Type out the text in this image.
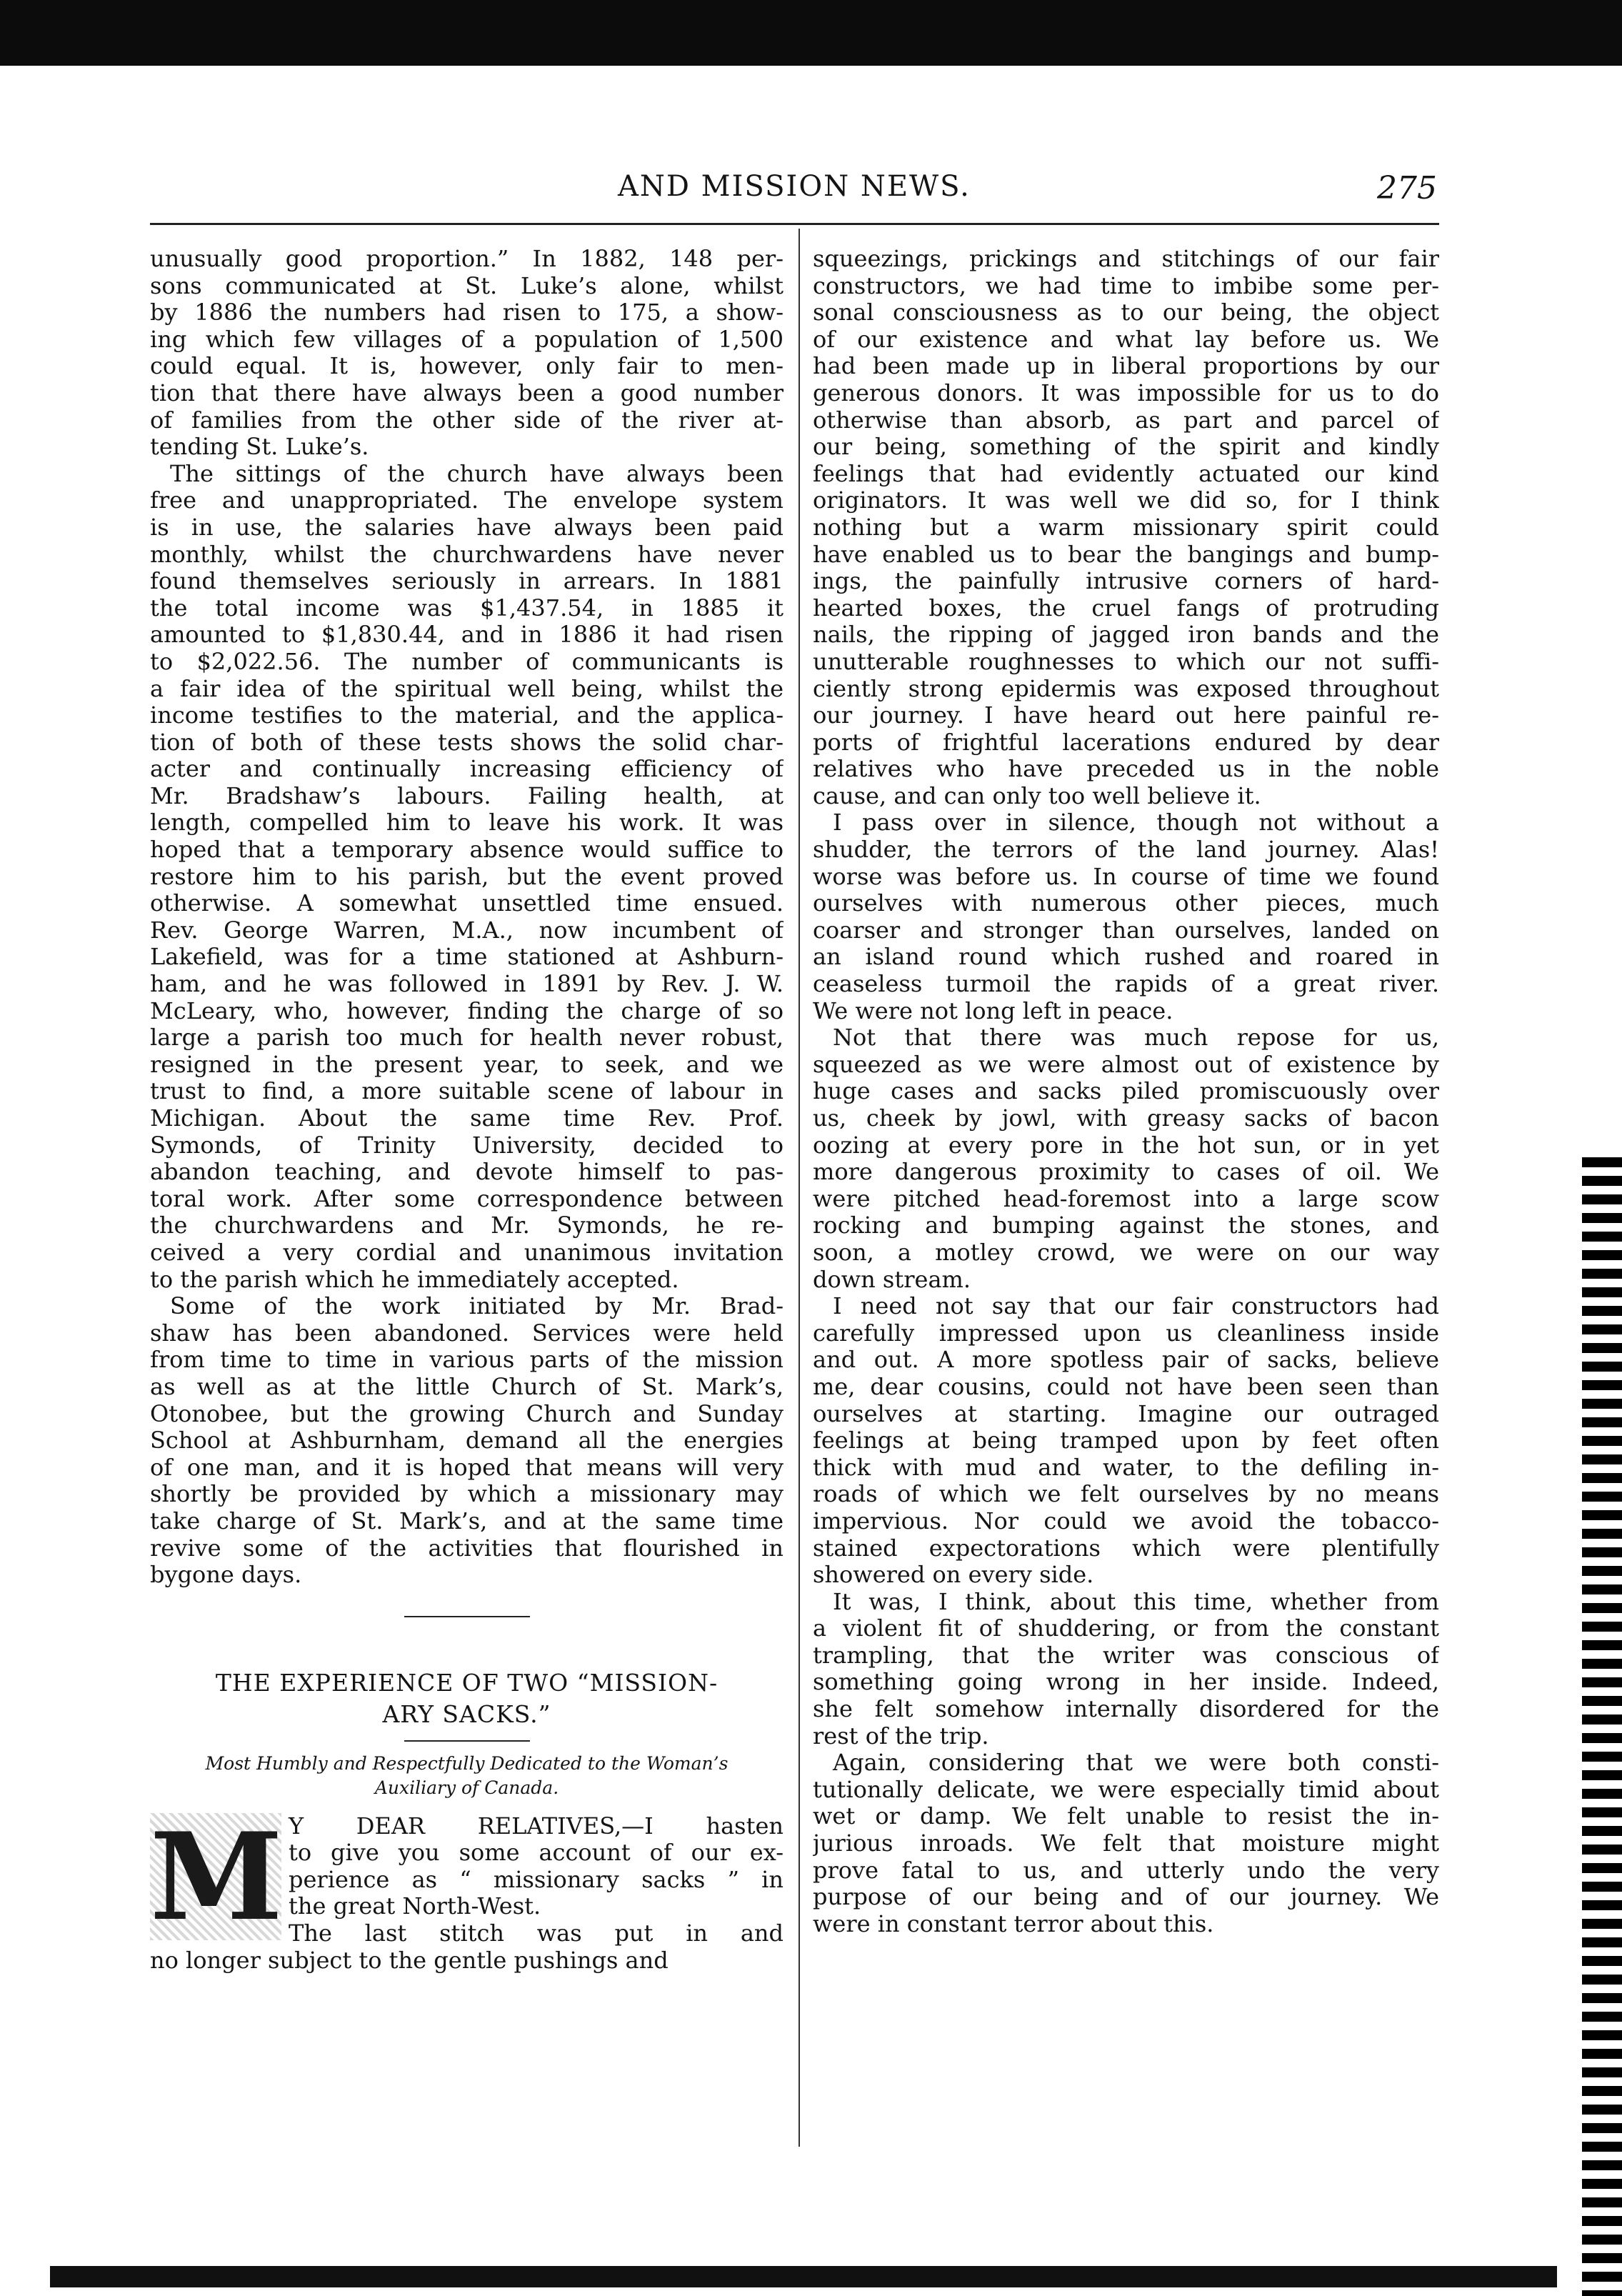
AND MISSION NEWS.	275
unusually good proportion.” In 1882, 148 per-
sons communicated at St. Luke’s alone, whilst
by 1886 the numbers had risen to 175, a show-
ing which few villages of a population of 1,500
could equal. It is, however, only fair to men-
tion that there have always been a good number
of families from the other side of the river at-
tending St. Luke’s.
The sittings of the church have always been
free and unappropriated. The envelope system
is in use, the salaries have always been paid
monthly, whilst the churchwardens have never
found themselves seriously in arrears. In 1881
the total income was $1,437.54, in 1885 it
amounted to $1,830.44, and in 1886 it had risen
to $2,022.56. The number of communicants is
a fair idea of the spiritual well being, whilst the
income testifies to the material, and the applica-
tion of both of these tests shows the solid char-
acter and continually increasing efficiency of
Mr. Bradshaw’s labours. Failing health, at
length, compelled him to leave his work. It was
hoped that a temporary absence would suffice to
restore him to his parish, but the event proved
otherwise. A somewhat unsettled time ensued.
Rev. George Warren, M.A., now incumbent of
Lakefield, was for a time stationed at Ashburn-
ham, and he was followed in 1891 by Rev. J. W.
McLeary, who, however, finding the charge of so
large a parish too much for health never robust,
resigned in the present year, to seek, and we
trust to find, a more suitable scene of labour in
Michigan. About the same time Rev. Prof.
Symonds, of Trinity University, decided to
abandon teaching, and devote himself to pas-
toral work. After some correspondence between
the churchwardens and Mr. Symonds, he re-
ceived a very cordial and unanimous invitation
to the parish which he immediately accepted.
Some of the work initiated by Mr. Brad-
shaw has been abandoned. Services were held
from time to time in various parts of the mission
as well as at the little Church of St. Mark’s,
Otonobee, but the growing Church and Sunday
School at Ashburnham, demand all the energies
of one man, and it is hoped that means will very
shortly be provided by which a missionary may
take charge of St. Mark’s, and at the same time
revive some of the activities that flourished in
bygone days.
THE EXPERIENCE OF TWO “MISSION-
ARY SACKS.”
Most Humbly and Respectfully Dedicated to the Woman’s
Auxiliary of Canada.
M Y DEAR RELATIVES,—I hasten
to give you some account of our ex-
perience as “ missionary sacks ” in
the great North-West.
The last stitch was put in and
no longer subject to the gentle pushings and
squeezings, prickings and stitchings of our fair
constructors, we had time to imbibe some per-
sonal consciousness as to our being, the object
of our existence and what lay before us. We
had been made up in liberal proportions by our
generous donors. It was impossible for us to do
otherwise than absorb, as part and parcel of
our being, something of the spirit and kindly
feelings that had evidently actuated our kind
originators. It was well we did so, for I think
nothing but a warm missionary spirit could
have enabled us to bear the bangings and bump-
ings, the painfully intrusive corners of hard-
hearted boxes, the cruel fangs of protruding
nails, the ripping of jagged iron bands and the
unutterable roughnesses to which our not suffi-
ciently strong epidermis was exposed throughout
our journey. I have heard out here painful re-
ports of frightful lacerations endured by dear
relatives who have preceded us in the noble
cause, and can only too well believe it.
I pass over in silence, though not without a
shudder, the terrors of the land journey. Alas!
worse was before us. In course of time we found
ourselves with numerous other pieces, much
coarser and stronger than ourselves, landed on
an island round which rushed and roared in
ceaseless turmoil the rapids of a great river.
We were not long left in peace.
Not that there was much repose for us,
squeezed as we were almost out of existence by
huge cases and sacks piled promiscuously over
us, cheek by jowl, with greasy sacks of bacon
oozing at every pore in the hot sun, or in yet
more dangerous proximity to cases of oil. We
were pitched head-foremost into a large scow
rocking and bumping against the stones, and
soon, a motley crowd, we were on our way
down stream.
I need not say that our fair constructors had
carefully impressed upon us cleanliness inside
and out. A more spotless pair of sacks, believe
me, dear cousins, could not have been seen than
ourselves at starting. Imagine our outraged
feelings at being tramped upon by feet often
thick with mud and water, to the defiling in-
roads of which we felt ourselves by no means
impervious. Nor could we avoid the tobacco-
stained expectorations which were plentifully
showered on every side.
It was, I think, about this time, whether from
a violent fit of shuddering, or from the constant
trampling, that the writer was conscious of
something going wrong in her inside. Indeed,
she felt somehow internally disordered for the
rest of the trip.
Again, considering that we were both consti-
tutionally delicate, we were especially timid about
wet or damp. We felt unable to resist the in-
jurious inroads. We felt that moisture might
prove fatal to us, and utterly undo the very
purpose of our being and of our journey. We
were in constant terror about this.
